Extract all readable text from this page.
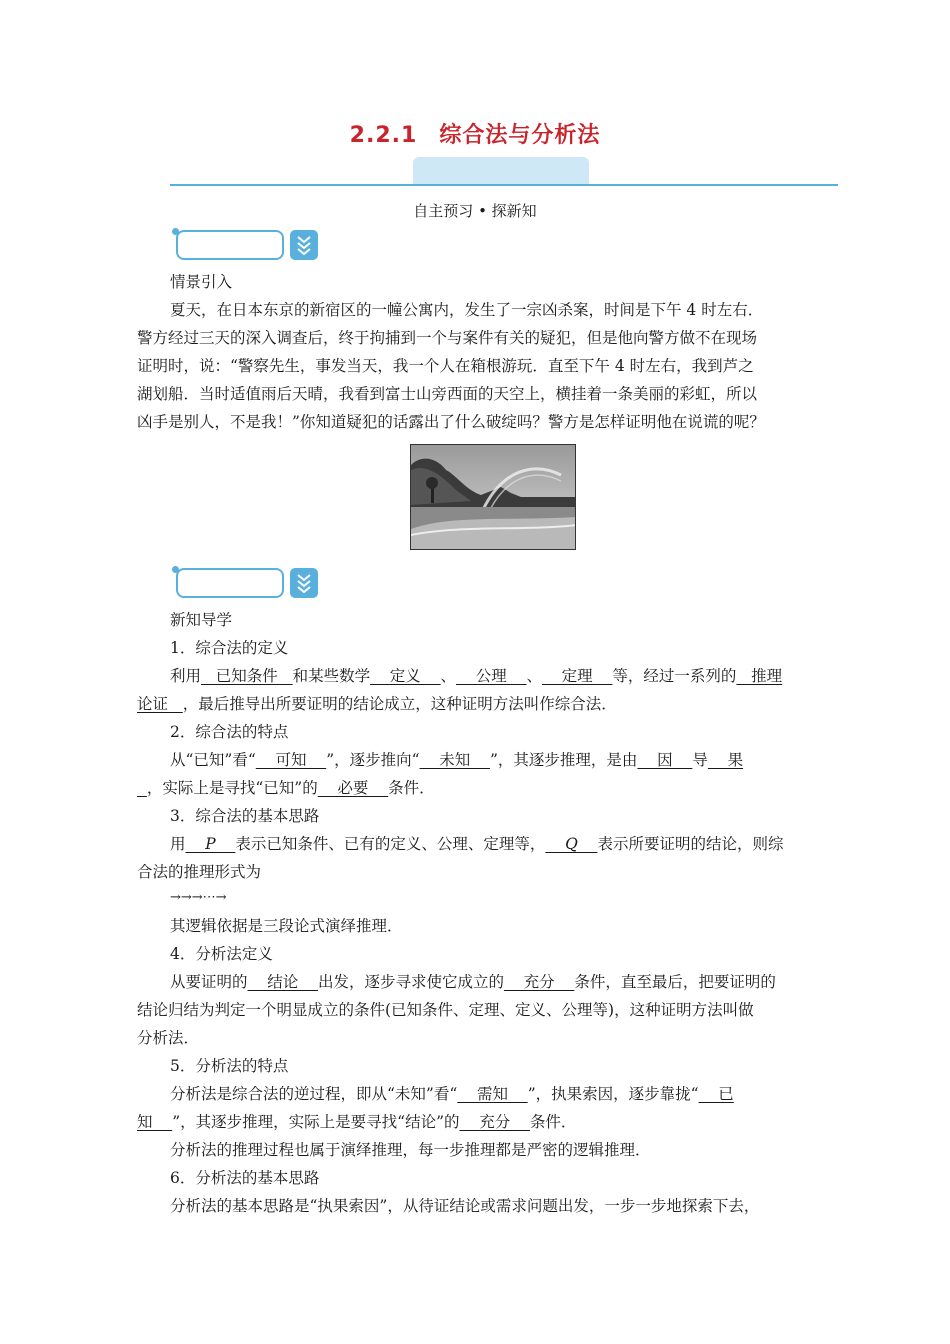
2.2.1 综合法与分析法
自主预习 • 探新知
情景引入
夏天，在日本东京的新宿区的一幢公寓内，发生了一宗凶杀案，时间是下午 4 时左右．
警方经过三天的深入调查后，终于拘捕到一个与案件有关的疑犯，但是他向警方做不在现场
证明时，说：“警察先生，事发当天，我一个人在箱根游玩．直至下午 4 时左右，我到芦之
湖划船．当时适值雨后天晴，我看到富士山旁西面的天空上，横挂着一条美丽的彩虹，所以
凶手是别人，不是我！”你知道疑犯的话露出了什么破绽吗？警方是怎样证明他在说谎的呢？
新知导学
1．综合法的定义
利用   已知条件   和某些数学    定义    、    公理    、    定理    等，经过一系列的   推理
论证   ，最后推导出所要证明的结论成立，这种证明方法叫作综合法．
2．综合法的特点
从“已知”看“    可知    ”，逐步推向“    未知    ”，其逐步推理，是由    因    导    果
，实际上是寻找“已知”的    必要    条件．
3．综合法的基本思路
用    P    表示已知条件、已有的定义、公理、定理等，    Q    表示所要证明的结论，则综
合法的推理形式为
→→→⋯→
其逻辑依据是三段论式演绎推理．
4．分析法定义
从要证明的    结论    出发，逐步寻求使它成立的    充分    条件，直至最后，把要证明的
结论归结为判定一个明显成立的条件(已知条件、定理、定义、公理等)，这种证明方法叫做
分析法．
5．分析法的特点
分析法是综合法的逆过程，即从“未知”看“    需知    ”，执果索因，逐步靠拢“    已
知    ”，其逐步推理，实际上是要寻找“结论”的    充分    条件．
分析法的推理过程也属于演绎推理，每一步推理都是严密的逻辑推理．
6．分析法的基本思路
分析法的基本思路是“执果索因”，从待证结论或需求问题出发，一步一步地探索下去，
